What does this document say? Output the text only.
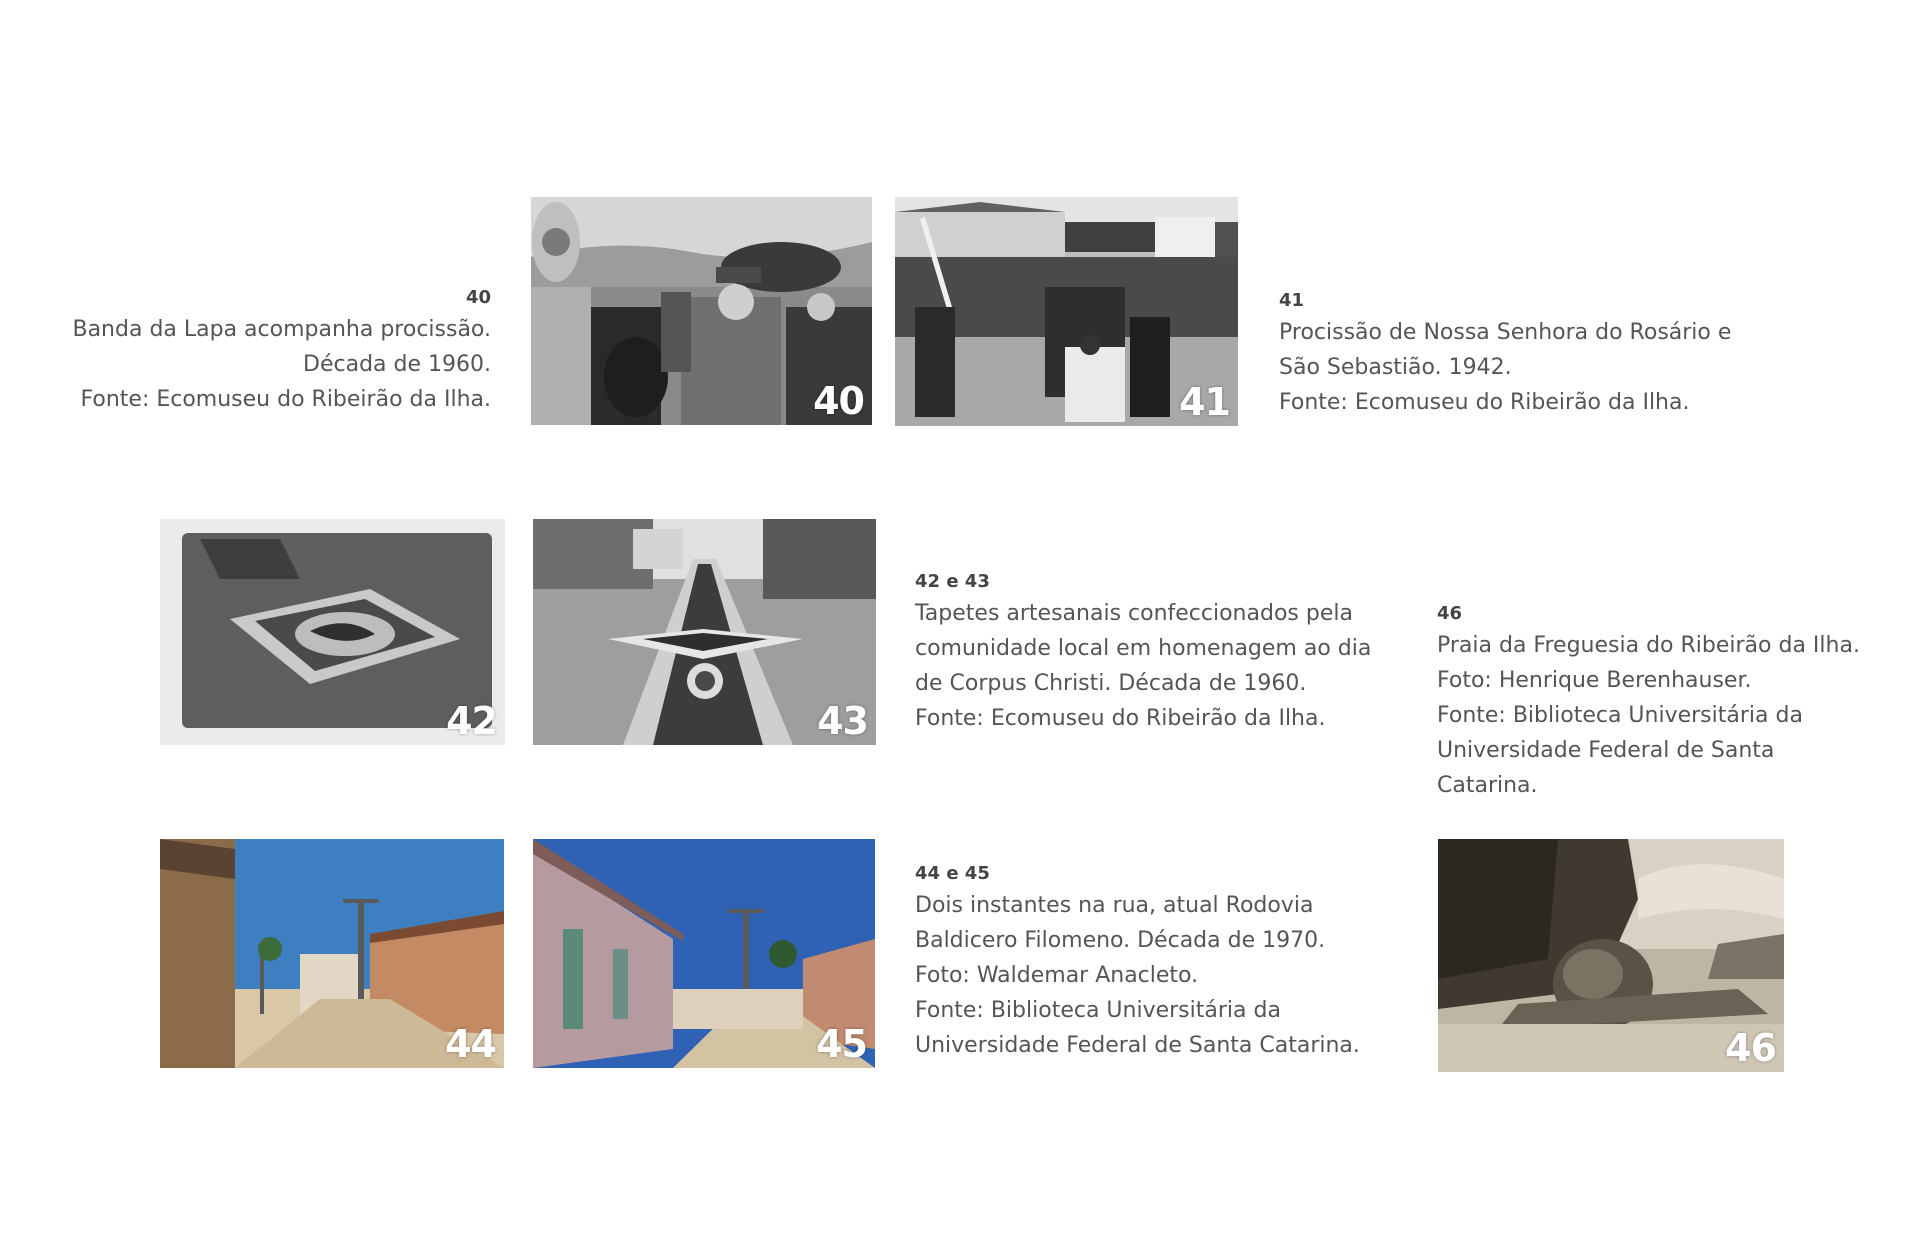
40	41
40
Banda da Lapa acompanha procissão.
Década de 1960.
Fonte: Ecomuseu do Ribeirão da Ilha.
41
Procissão de Nossa Senhora do Rosário e
São Sebastião. 1942.
Fonte: Ecomuseu do Ribeirão da Ilha.
42	43
42 e 43
Tapetes artesanais confeccionados pela
comunidade local em homenagem ao dia
de Corpus Christi. Década de 1960.
Fonte: Ecomuseu do Ribeirão da Ilha.
46
Praia da Freguesia do Ribeirão da Ilha.
Foto: Henrique Berenhauser.
Fonte: Biblioteca Universitária da
Universidade Federal de Santa
Catarina.
44	45
44 e 45
Dois instantes na rua, atual Rodovia
Baldicero Filomeno. Década de 1970.
Foto: Waldemar Anacleto.
Fonte: Biblioteca Universitária da
Universidade Federal de Santa Catarina.	46
